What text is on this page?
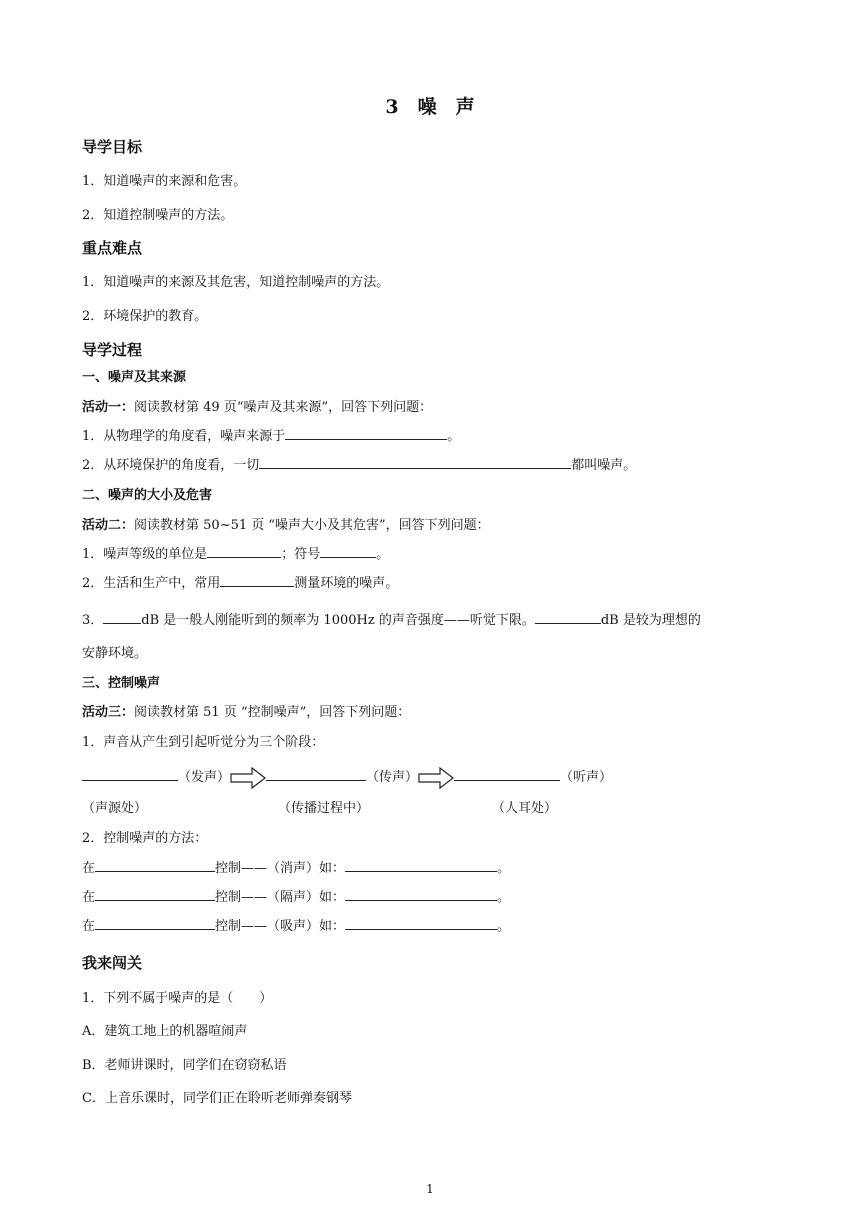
3　噪　声
导学目标
1．知道噪声的来源和危害。
2．知道控制噪声的方法。
重点难点
1．知道噪声的来源及其危害，知道控制噪声的方法。
2．环境保护的教育。
导学过程
一、噪声及其来源
活动一：阅读教材第 49 页“噪声及其来源”，回答下列问题：
1．从物理学的角度看，噪声来源于	。
2．从环境保护的角度看，一切	都叫噪声。
二、噪声的大小及危害
活动二：阅读教材第 50~51 页 “噪声大小及其危害”，回答下列问题：
1．噪声等级的单位是	；符号	。
2．生活和生产中，常用	测量环境的噪声。
3．	dB 是一般人刚能听到的频率为 1000Hz 的声音强度——听觉下限。	dB 是较为理想的
安静环境。
三、控制噪声
活动三：阅读教材第 51 页 “控制噪声”，回答下列问题：
1．声音从产生到引起听觉分为三个阶段：
（发声）	（传声）	（听声）
（声源处）	（传播过程中）	（人耳处）
2．控制噪声的方法：
在	控制——（消声）如：	。
在	控制——（隔声）如：	。
在	控制——（吸声）如：	。
我来闯关
1．下列不属于噪声的是（　　）
A．建筑工地上的机器喧闹声
B．老师讲课时，同学们在窃窃私语
C．上音乐课时，同学们正在聆听老师弹奏钢琴
1
